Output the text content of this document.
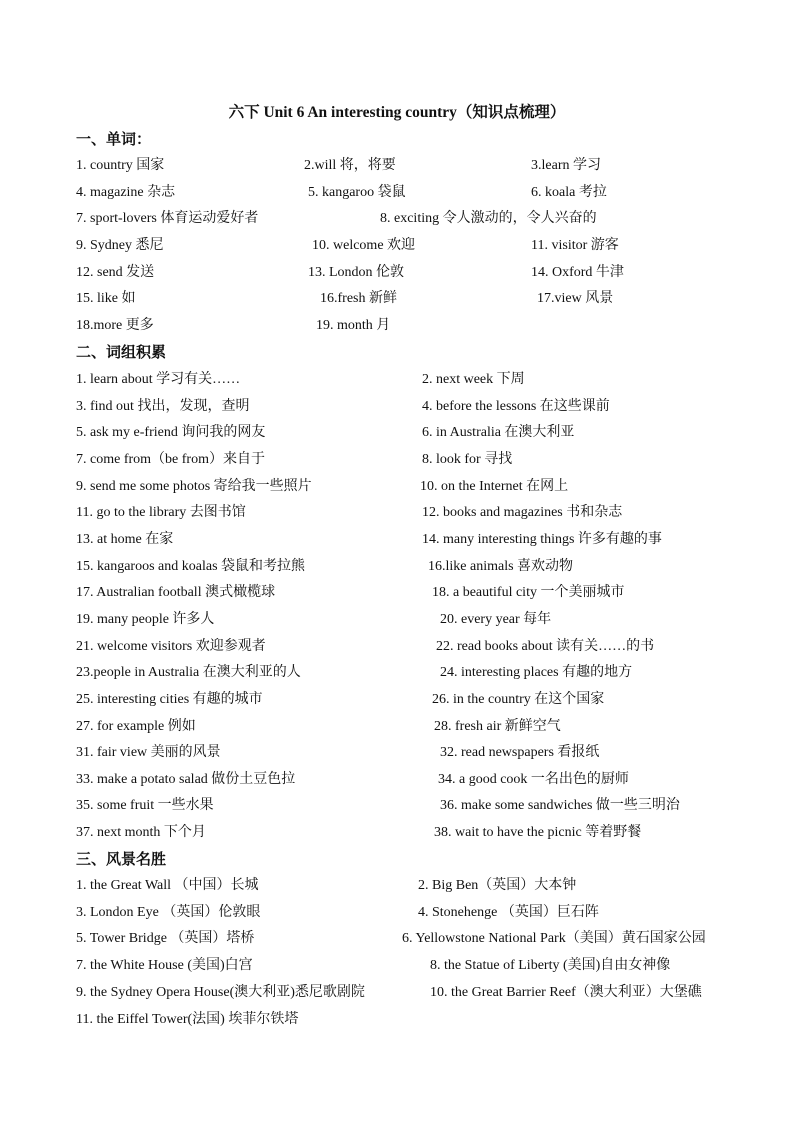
六下 Unit 6 An interesting country（知识点梳理）
一、单词：
1. country 国家	2.will 将，将要	3.learn 学习
4. magazine 杂志	5. kangaroo 袋鼠	6. koala 考拉
7. sport-lovers 体育运动爱好者	8. exciting 令人激动的，令人兴奋的
9. Sydney 悉尼	10. welcome 欢迎	11. visitor 游客
12. send 发送	13. London 伦敦	14. Oxford 牛津
15. like 如	16.fresh 新鲜	17.view 风景
18.more 更多	19. month 月
二、词组积累
1. learn about 学习有关……	2. next week 下周
3. find out 找出，发现，查明	4. before the lessons 在这些课前
5. ask my e-friend 询问我的网友	6. in Australia 在澳大利亚
7. come from（be from）来自于	8. look for 寻找
9. send me some photos 寄给我一些照片	10. on the Internet 在网上
11. go to the library 去图书馆	12. books and magazines 书和杂志
13. at home 在家	14. many interesting things 许多有趣的事
15. kangaroos and koalas 袋鼠和考拉熊	16.like animals 喜欢动物
17. Australian football 澳式橄榄球	18. a beautiful city 一个美丽城市
19. many people 许多人	20. every year 每年
21. welcome visitors 欢迎参观者	22. read books about 读有关……的书
23.people in Australia 在澳大利亚的人	24. interesting places 有趣的地方
25. interesting cities 有趣的城市	26. in the country 在这个国家
27. for example 例如	28. fresh air 新鲜空气
31. fair view 美丽的风景	32. read newspapers 看报纸
33. make a potato salad 做份土豆色拉	34. a good cook 一名出色的厨师
35. some fruit 一些水果	36. make some sandwiches 做一些三明治
37. next month 下个月	38. wait to have the picnic 等着野餐
三、风景名胜
1. the Great Wall （中国）长城	2. Big Ben（英国）大本钟
3. London Eye （英国）伦敦眼	4. Stonehenge （英国）巨石阵
5. Tower Bridge （英国）塔桥	6. Yellowstone National Park（美国）黄石国家公园
7. the White House (美国)白宫	8. the Statue of Liberty (美国)自由女神像
9. the Sydney Opera House(澳大利亚)悉尼歌剧院	10. the Great Barrier Reef（澳大利亚）大堡礁
11. the Eiffel Tower(法国) 埃菲尔铁塔
